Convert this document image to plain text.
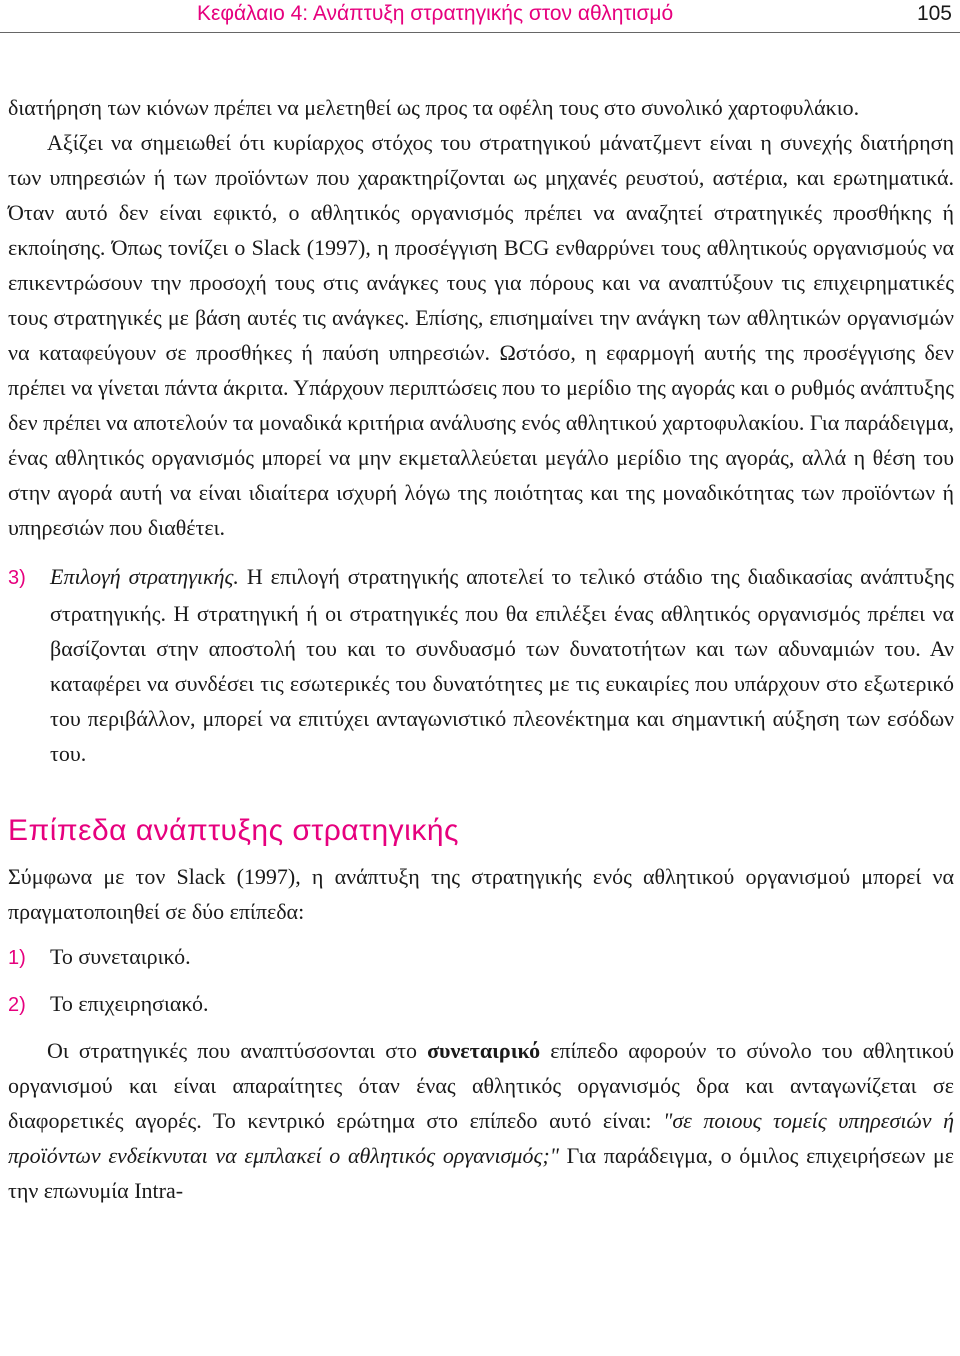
Κεφάλαιο 4: Ανάπτυξη στρατηγικής στον αθλητισμό	105

διατήρηση των κιόνων πρέπει να μελετηθεί ως προς τα οφέλη τους στο συνολικό χαρτοφυλάκιο.

Αξίζει να σημειωθεί ότι κυρίαρχος στόχος του στρατηγικού μάνατζμεντ είναι η συνεχής διατήρηση των υπηρεσιών ή των προϊόντων που χαρακτηρίζονται ως μηχανές ρευστού, αστέρια, και ερωτηματικά. Όταν αυτό δεν είναι εφικτό, ο αθλητικός οργανισμός πρέπει να αναζητεί στρατηγικές προσθήκης ή εκποίησης. Όπως τονίζει ο Slack (1997), η προσέγγιση BCG ενθαρρύνει τους αθλητικούς οργανισμούς να επικεντρώσουν την προσοχή τους στις ανάγκες τους για πόρους και να αναπτύξουν τις επιχειρηματικές τους στρατηγικές με βάση αυτές τις ανάγκες. Επίσης, επισημαίνει την ανάγκη των αθλητικών οργανισμών να καταφεύγουν σε προσθήκες ή παύση υπηρεσιών. Ωστόσο, η εφαρμογή αυτής της προσέγγισης δεν πρέπει να γίνεται πάντα άκριτα. Υπάρχουν περιπτώσεις που το μερίδιο της αγοράς και ο ρυθμός ανάπτυξης δεν πρέπει να αποτελούν τα μοναδικά κριτήρια ανάλυσης ενός αθλητικού χαρτοφυλακίου. Για παράδειγμα, ένας αθλητικός οργανισμός μπορεί να μην εκμεταλλεύεται μεγάλο μερίδιο της αγοράς, αλλά η θέση του στην αγορά αυτή να είναι ιδιαίτερα ισχυρή λόγω της ποιότητας και της μοναδικότητας των προϊόντων ή υπηρεσιών που διαθέτει.

3) Επιλογή στρατηγικής. Η επιλογή στρατηγικής αποτελεί το τελικό στάδιο της διαδικασίας ανάπτυξης στρατηγικής. Η στρατηγική ή οι στρατηγικές που θα επιλέξει ένας αθλητικός οργανισμός πρέπει να βασίζονται στην αποστολή του και το συνδυασμό των δυνατοτήτων και των αδυναμιών του. Αν καταφέρει να συνδέσει τις εσωτερικές του δυνατότητες με τις ευκαιρίες που υπάρχουν στο εξωτερικό του περιβάλλον, μπορεί να επιτύχει ανταγωνιστικό πλεονέκτημα και σημαντική αύξηση των εσόδων του.

Επίπεδα ανάπτυξης στρατηγικής

Σύμφωνα με τον Slack (1997), η ανάπτυξη της στρατηγικής ενός αθλητικού οργανισμού μπορεί να πραγματοποιηθεί σε δύο επίπεδα:

1) Το συνεταιρικό.

2) Το επιχειρησιακό.

Οι στρατηγικές που αναπτύσσονται στο συνεταιρικό επίπεδο αφορούν το σύνολο του αθλητικού οργανισμού και είναι απαραίτητες όταν ένας αθλητικός οργανισμός δρα και ανταγωνίζεται σε διαφορετικές αγορές. Το κεντρικό ερώτημα στο επίπεδο αυτό είναι: "σε ποιους τομείς υπηρεσιών ή προϊόντων ενδείκνυται να εμπλακεί ο αθλητικός οργανισμός;" Για παράδειγμα, ο όμιλος επιχειρήσεων με την επωνυμία Intra-
